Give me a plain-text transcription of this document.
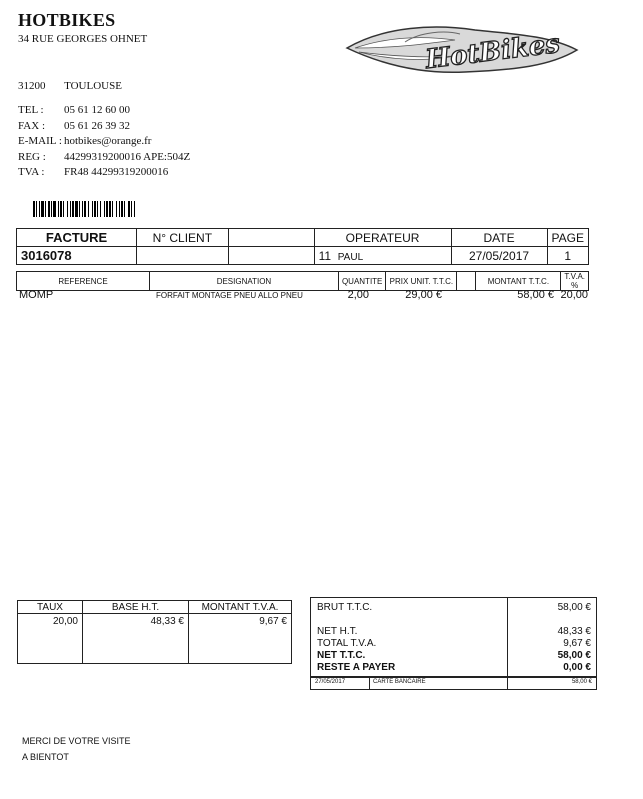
HOTBIKES
34 RUE GEORGES OHNET
31200 TOULOUSE
TEL : 05 61 12 60 00
FAX : 05 61 26 39 32
E-MAIL : hotbikes@orange.fr
REG : 44299319200016 APE:504Z
TVA : FR48 44299319200016
HotBikes
FACTURE	N° CLIENT		OPERATEUR	DATE	PAGE
3016078			11 PAUL	27/05/2017	1
REFERENCE	DESIGNATION	QUANTITE	PRIX UNIT. T.T.C.		MONTANT T.T.C.	T.V.A. %
MOMP	FORFAIT MONTAGE PNEU ALLO PNEU	2,00	29,00 €	58,00 € 20,00
TAUX	BASE H.T.	MONTANT T.V.A.
20,00	48,33 €	9,67 €
BRUT T.T.C.	58,00 €
NET H.T.	48,33 €
TOTAL T.V.A.	9,67 €
NET T.T.C.	58,00 €
RESTE A PAYER	0,00 €
27/05/2017	CARTE BANCAIRE	58,00 €
MERCI DE VOTRE VISITE
A BIENTOT
